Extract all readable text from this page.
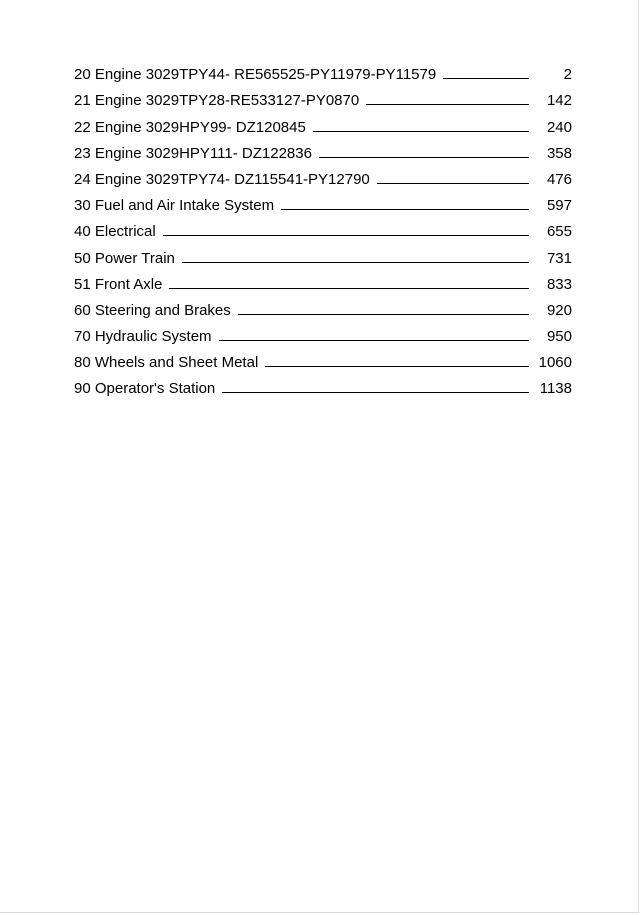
20 Engine 3029TPY44- RE565525-PY11979-PY11579	2
21 Engine 3029TPY28-RE533127-PY0870	142
22 Engine 3029HPY99- DZ120845	240
23 Engine 3029HPY111- DZ122836	358
24 Engine 3029TPY74- DZ115541-PY12790	476
30 Fuel and Air Intake System	597
40 Electrical	655
50 Power Train	731
51 Front Axle	833
60 Steering and Brakes	920
70 Hydraulic System	950
80 Wheels and Sheet Metal	1060
90 Operator's Station	1138
